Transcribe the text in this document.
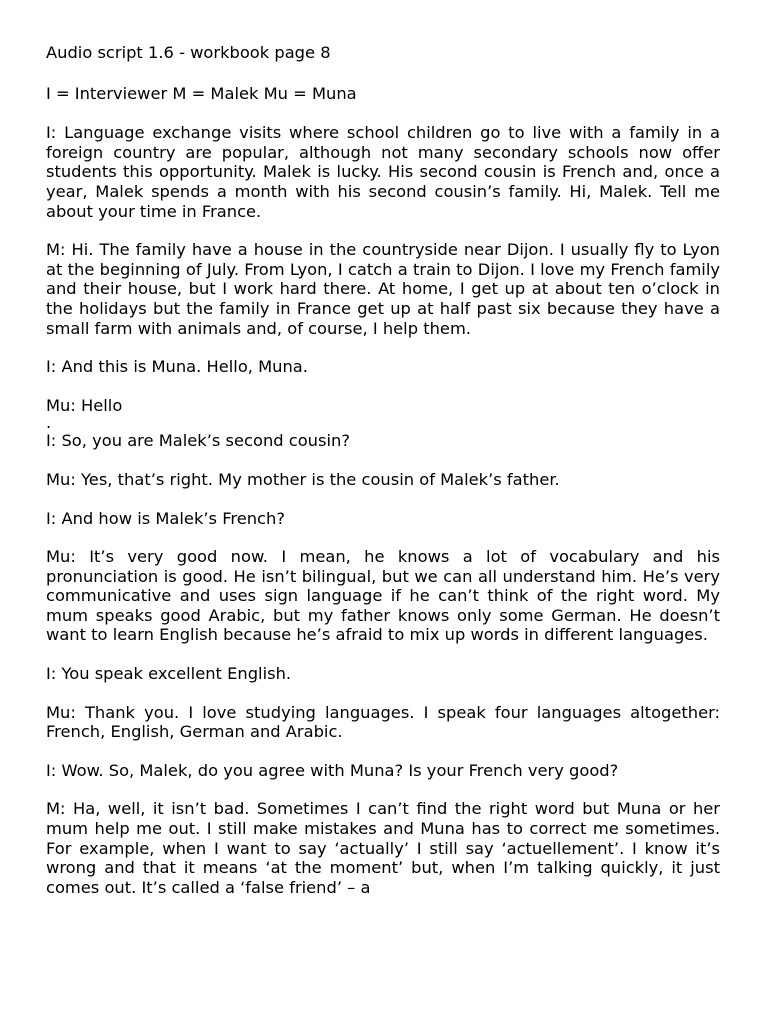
Audio script 1.6 - workbook page 8
I = Interviewer M = Malek Mu = Muna
I: Language exchange visits where school children go to live with a family in a foreign country are popular, although not many secondary schools now offer students this opportunity. Malek is lucky. His second cousin is French and, once a year, Malek spends a month with his second cousin’s family. Hi, Malek. Tell me about your time in France.
M: Hi. The family have a house in the countryside near Dijon. I usually fly to Lyon at the beginning of July. From Lyon, I catch a train to Dijon. I love my French family and their house, but I work hard there. At home, I get up at about ten o’clock in the holidays but the family in France get up at half past six because they have a small farm with animals and, of course, I help them.
I: And this is Muna. Hello, Muna.
Mu: Hello
.
I: So, you are Malek’s second cousin?
Mu: Yes, that’s right. My mother is the cousin of Malek’s father.
I: And how is Malek’s French?
Mu: It’s very good now. I mean, he knows a lot of vocabulary and his pronunciation is good. He isn’t bilingual, but we can all understand him. He’s very communicative and uses sign language if he can’t think of the right word. My mum speaks good Arabic, but my father knows only some German. He doesn’t want to learn English because he’s afraid to mix up words in different languages.
I: You speak excellent English.
Mu: Thank you. I love studying languages. I speak four languages altogether: French, English, German and Arabic.
I: Wow. So, Malek, do you agree with Muna? Is your French very good?
M: Ha, well, it isn’t bad. Sometimes I can’t find the right word but Muna or her mum help me out. I still make mistakes and Muna has to correct me sometimes. For example, when I want to say ‘actually’ I still say ‘actuellement’. I know it’s wrong and that it means ‘at the moment’ but, when I’m talking quickly, it just comes out. It’s called a ‘false friend’ – a
